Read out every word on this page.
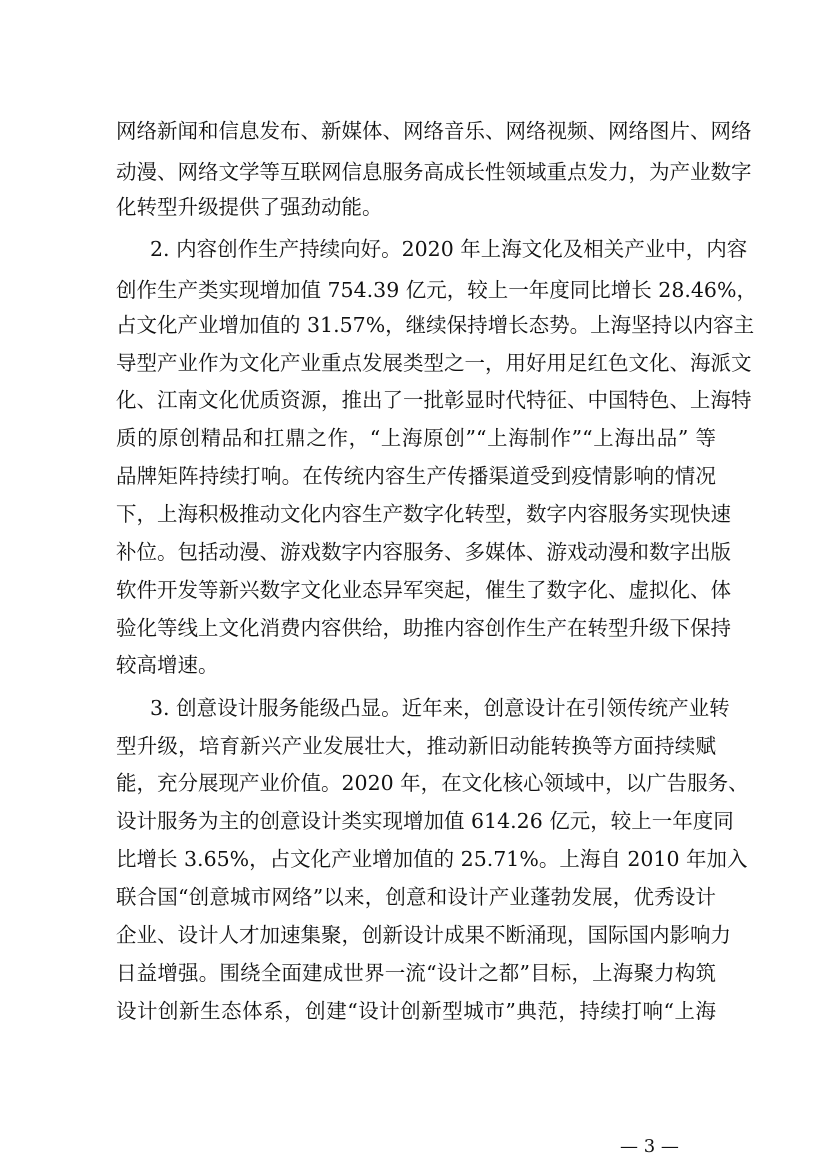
网络新闻和信息发布、新媒体、网络音乐、网络视频、网络图片、网络
动漫、网络文学等互联网信息服务高成长性领域重点发力，为产业数字
化转型升级提供了强劲动能。
2. 内容创作生产持续向好。2020 年上海文化及相关产业中，内容
创作生产类实现增加值 754.39 亿元，较上一年度同比增长 28.46%，
占文化产业增加值的 31.57%，继续保持增长态势。上海坚持以内容主
导型产业作为文化产业重点发展类型之一，用好用足红色文化、海派文
化、江南文化优质资源，推出了一批彰显时代特征、中国特色、上海特
质的原创精品和扛鼎之作，“上海原创”“上海制作”“上海出品” 等
品牌矩阵持续打响。在传统内容生产传播渠道受到疫情影响的情况
下，上海积极推动文化内容生产数字化转型，数字内容服务实现快速
补位。包括动漫、游戏数字内容服务、多媒体、游戏动漫和数字出版
软件开发等新兴数字文化业态异军突起，催生了数字化、虚拟化、体
验化等线上文化消费内容供给，助推内容创作生产在转型升级下保持
较高增速。
3. 创意设计服务能级凸显。近年来，创意设计在引领传统产业转
型升级，培育新兴产业发展壮大，推动新旧动能转换等方面持续赋
能，充分展现产业价值。2020 年，在文化核心领域中，以广告服务、
设计服务为主的创意设计类实现增加值 614.26 亿元，较上一年度同
比增长 3.65%，占文化产业增加值的 25.71%。上海自 2010 年加入
联合国“创意城市网络”以来，创意和设计产业蓬勃发展，优秀设计
企业、设计人才加速集聚，创新设计成果不断涌现，国际国内影响力
日益增强。围绕全面建成世界一流“设计之都”目标，上海聚力构筑
设计创新生态体系，创建“设计创新型城市”典范，持续打响“上海
— 3 —
